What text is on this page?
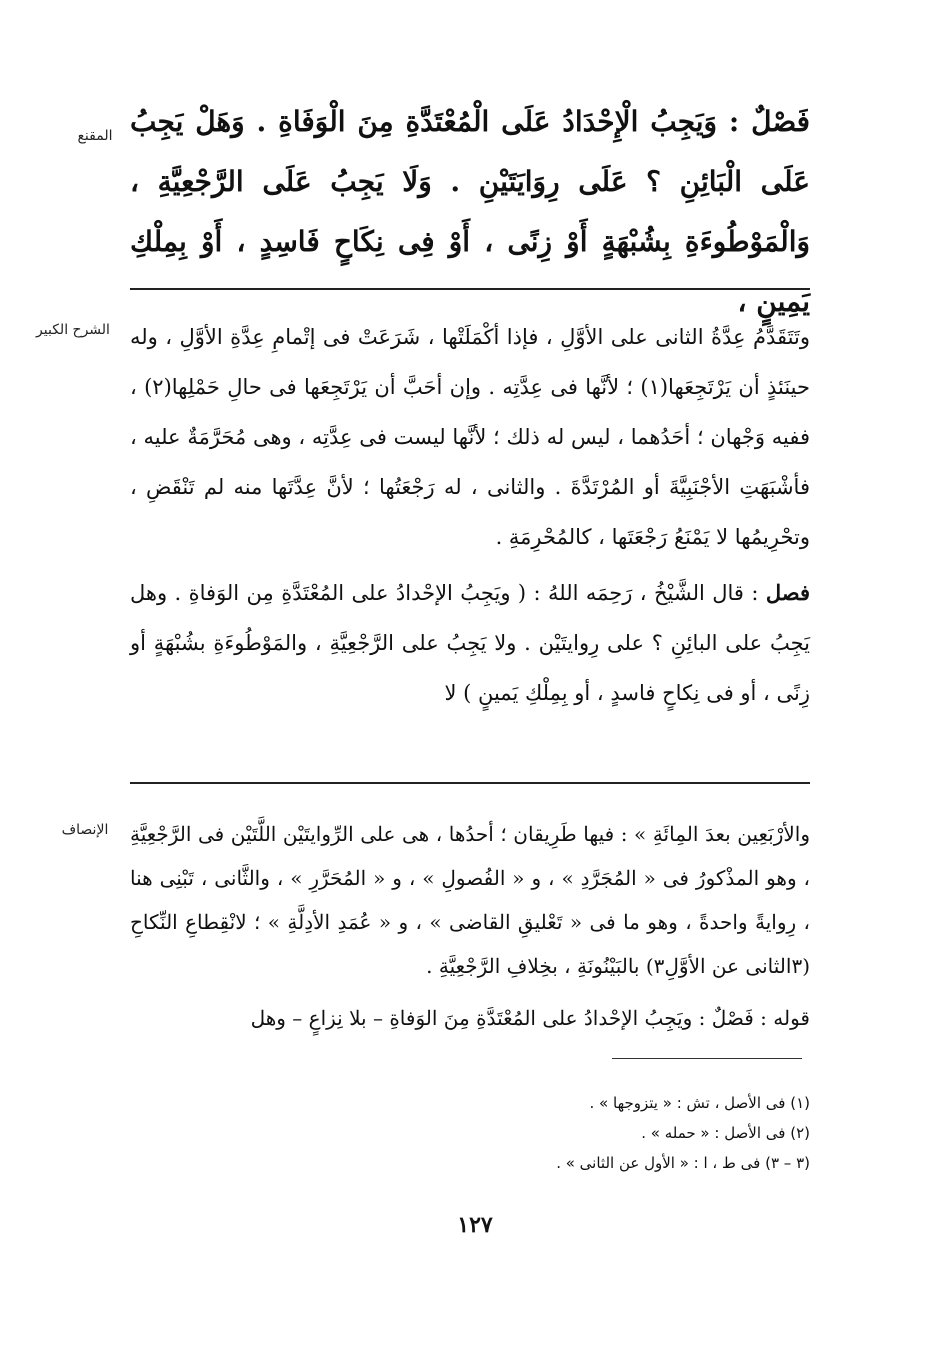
المقنع	فَصْلٌ : وَيَجِبُ الْإِحْدَادُ عَلَى الْمُعْتَدَّةِ مِنَ الْوَفَاةِ . وَهَلْ يَجِبُ عَلَى الْبَائِنِ ؟ عَلَى رِوَايَتَيْنِ . وَلَا يَجِبُ عَلَى الرَّجْعِيَّةِ ، وَالْمَوْطُوءَةِ بِشُبْهَةٍ أَوْ زِنًى ، أَوْ فِى نِكَاحٍ فَاسِدٍ ، أَوْ بِمِلْكِ يَمِينٍ ،
الشرح الكبير وتَتَقَدَّمُ عِدَّةُ الثانى على الأوَّلِ ، فإذا أكْمَلَتْها ، شَرَعَتْ فى إتْمامِ عِدَّةِ الأوَّلِ ، وله حينَئذٍ أن يَرْتَجِعَها(١) ؛ لأنَّها فى عِدَّتِه . وإن أحَبَّ أن يَرْتَجِعَها فى حالِ حَمْلِها(٢) ، ففيه وَجْهان ؛ أحَدُهما ، ليس له ذلك ؛ لأنَّها ليست فى عِدَّتِه ، وهى مُحَرَّمَةٌ عليه ، فأشْبَهَتِ الأجْنَبِيَّةَ أو المُرْتَدَّةَ . والثانى ، له رَجْعَتُها ؛ لأنَّ عِدَّتَها منه لم تَنْقَضِ ، وتحْرِيمُها لا يَمْنَعُ رَجْعَتَها ، كالمُحْرِمَةِ .

فصل : قال الشَّيْخُ ، رَحِمَه اللهُ : ( ويَجِبُ الإحْدادُ على المُعْتَدَّةِ مِن الوَفاةِ . وهل يَجِبُ على البائِنِ ؟ على رِوايتَيْن . ولا يَجِبُ على الرَّجْعِيَّةِ ، والمَوْطُوءَةِ بشُبْهَةٍ أو زِنًى ، أو فى نِكاحٍ فاسدٍ ، أو بِمِلْكِ يَمينٍ ) لا

الإنصاف	والأرْبَعِين بعدَ المِائَةِ » : فيها طَرِيقان ؛ أحدُها ، هى على الرِّوايتَيْن اللَّتَيْن فى الرَّجْعِيَّةِ ، وهو المذْكورُ فى « المُجَرَّدِ » ، و « الفُصولِ » ، و « المُحَرَّرِ » ، والثَّانى ، تَبْنِى هنا ، رِوايةً واحدةً ، وهو ما فى « تَعْليقِ القاضى » ، و « عُمَدِ الأدِلَّةِ » ؛ لانْقِطاعِ النِّكاحِ (٣الثانى عن الأوَّلِ٣) بالبَيْنُونَةِ ، بخِلافِ الرَّجْعِيَّةِ .

قوله : فَصْلٌ : ويَجِبُ الإحْدادُ على المُعْتَدَّةِ مِنَ الوَفاةِ – بلا نِزاعٍ – وهل

(١) فى الأصل ، تش : « يتزوجها » .
(٢) فى الأصل : « حمله » .
(٣ – ٣) فى ط ، ا : « الأول عن الثانى » .
١٢٧
